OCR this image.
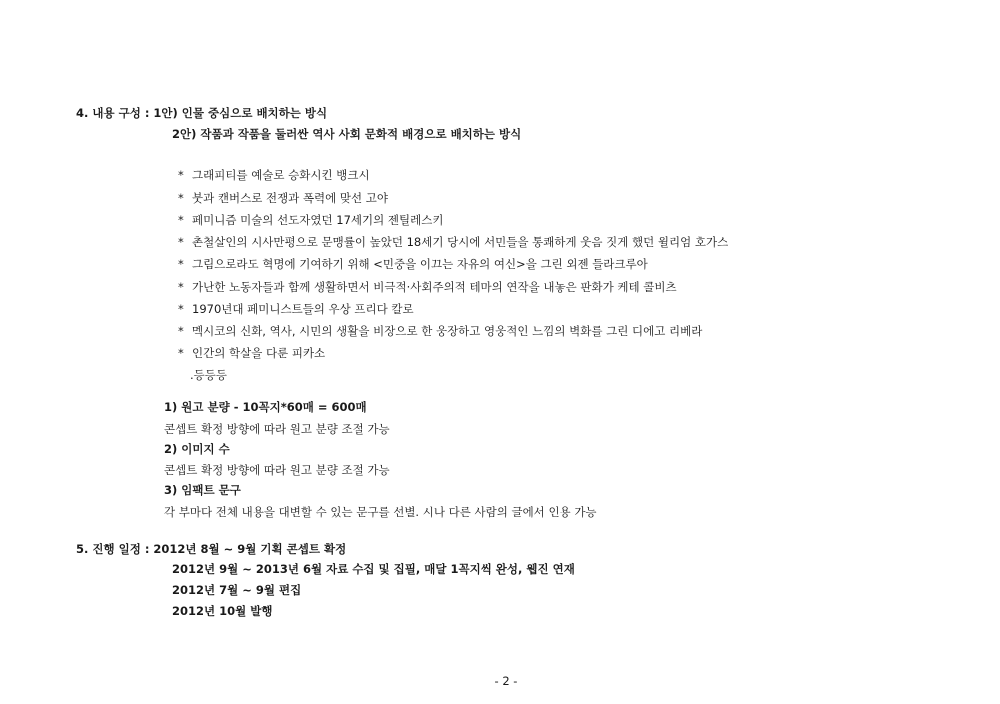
4. 내용 구성 : 1안) 인물 중심으로 배치하는 방식
2안) 작품과 작품을 둘러싼 역사 사회 문화적 배경으로 배치하는 방식
* 그래피티를 예술로 승화시킨 뱅크시
* 붓과 캔버스로 전쟁과 폭력에 맞선 고야
* 페미니즘 미술의 선도자였던 17세기의 젠틸레스키
* 촌철살인의 시사만평으로 문맹률이 높았던 18세기 당시에 서민들을 통쾌하게 웃음 짓게 했던 윌리엄 호가스
* 그림으로라도 혁명에 기여하기 위해 <민중을 이끄는 자유의 여신>을 그린 외젠 들라크루아
* 가난한 노동자들과 함께 생활하면서 비극적·사회주의적 테마의 연작을 내놓은 판화가 케테 콜비츠
* 1970년대 페미니스트들의 우상 프리다 칼로
* 멕시코의 신화, 역사, 시민의 생활을 비장으로 한 웅장하고 영웅적인 느낌의 벽화를 그린 디에고 리베라
* 인간의 학살을 다룬 피카소
.등등등
1) 원고 분량 - 10꼭지*60매 = 600매
콘셉트 확정 방향에 따라 원고 분량 조절 가능
2) 이미지 수
콘셉트 확정 방향에 따라 원고 분량 조절 가능
3) 임팩트 문구
각 부마다 전체 내용을 대변할 수 있는 문구를 선별. 시나 다른 사람의 글에서 인용 가능
5. 진행 일정 : 2012년 8월 ~ 9월 기획 콘셉트 확정
2012년 9월 ~ 2013년 6월 자료 수집 및 집필, 매달 1꼭지씩 완성, 웹진 연재
2012년 7월 ~ 9월 편집
2012년 10월 발행
- 2 -
